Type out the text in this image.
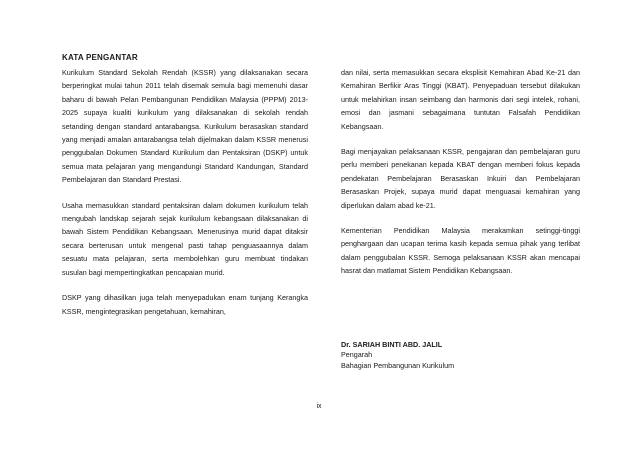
KATA PENGANTAR

Kurikulum Standard Sekolah Rendah (KSSR) yang dilaksanakan secara berperingkat mulai tahun 2011 telah disemak semula bagi memenuhi dasar baharu di bawah Pelan Pembangunan Pendidikan Malaysia (PPPM) 2013-2025 supaya kualiti kurikulum yang dilaksanakan di sekolah rendah setanding dengan standard antarabangsa. Kurikulum berasaskan standard yang menjadi amalan antarabangsa telah dijelmakan dalam KSSR menerusi penggubalan Dokumen Standard Kurikulum dan Pentaksiran (DSKP) untuk semua mata pelajaran yang mengandungi Standard Kandungan, Standard Pembelajaran dan Standard Prestasi.

Usaha memasukkan standard pentaksiran dalam dokumen kurikulum telah mengubah landskap sejarah sejak kurikulum kebangsaan dilaksanakan di bawah Sistem Pendidikan Kebangsaan. Menerusinya murid dapat ditaksir secara berterusan untuk mengenal pasti tahap penguasaannya dalam sesuatu mata pelajaran, serta membolehkan guru membuat tindakan susulan bagi mempertingkatkan pencapaian murid.

DSKP yang dihasilkan juga telah menyepadukan enam tunjang Kerangka KSSR, mengintegrasikan pengetahuan, kemahiran,

dan nilai, serta memasukkan secara eksplisit Kemahiran Abad Ke-21 dan Kemahiran Berfikir Aras Tinggi (KBAT). Penyepaduan tersebut dilakukan untuk melahirkan insan seimbang dan harmonis dari segi intelek, rohani, emosi dan jasmani sebagaimana tuntutan Falsafah Pendidikan Kebangsaan.

Bagi menjayakan pelaksanaan KSSR, pengajaran dan pembelajaran guru perlu memberi penekanan kepada KBAT dengan memberi fokus kepada pendekatan Pembelajaran Berasaskan Inkuiri dan Pembelajaran Berasaskan Projek, supaya murid dapat menguasai kemahiran yang diperlukan dalam abad ke-21.

Kementerian Pendidikan Malaysia merakamkan setinggi-tinggi penghargaan dan ucapan terima kasih kepada semua pihak yang terlibat dalam penggubalan KSSR. Semoga pelaksanaan KSSR akan mencapai hasrat dan matlamat Sistem Pendidikan Kebangsaan.

Dr. SARIAH BINTI ABD. JALIL
Pengarah
Bahagian Pembangunan Kurikulum
ix
